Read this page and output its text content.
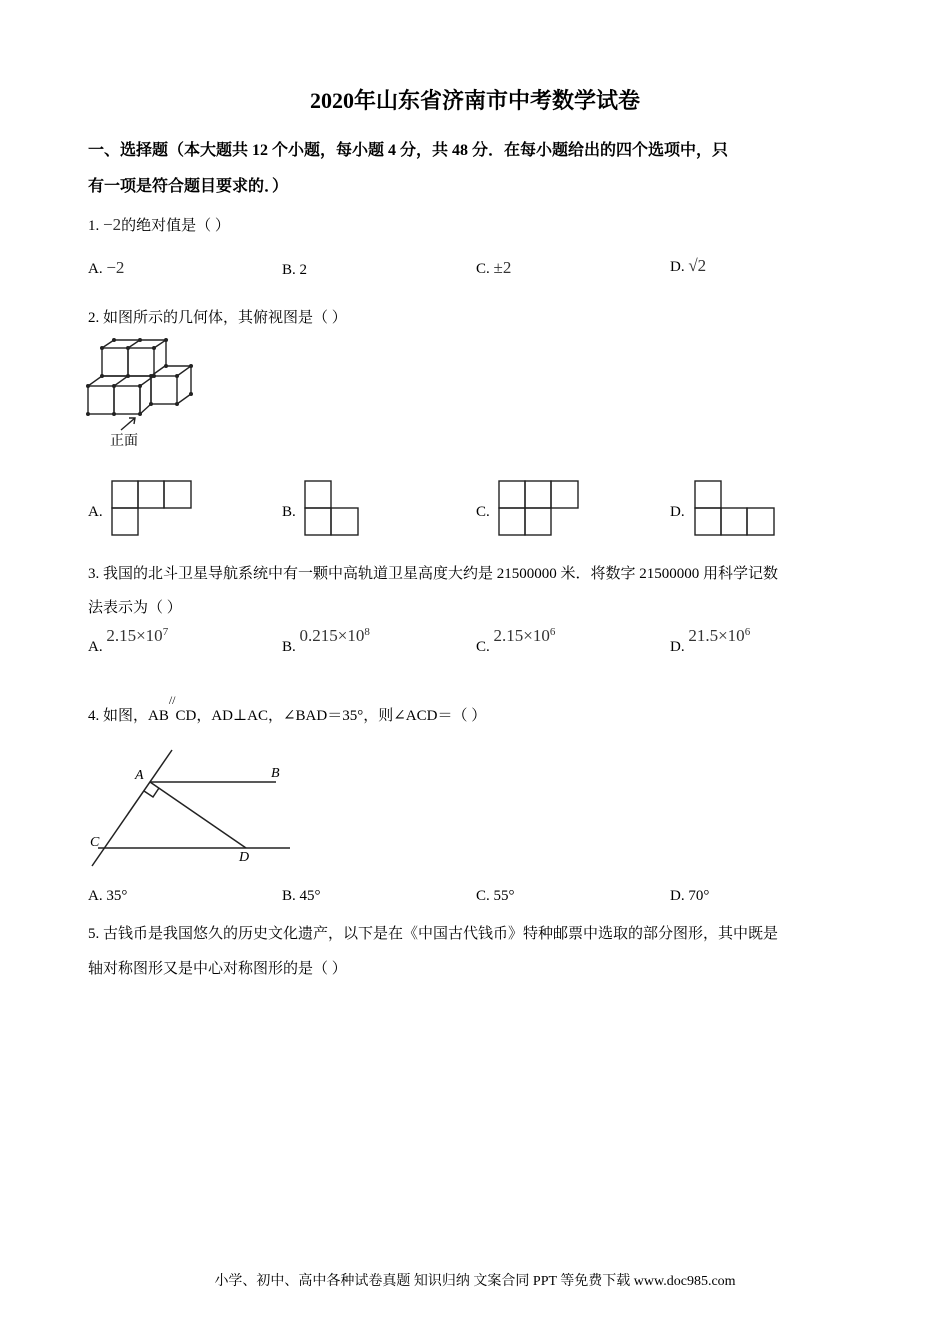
2020年山东省济南市中考数学试卷
一、选择题（本大题共 12 个小题，每小题 4 分，共 48 分．在每小题给出的四个选项中，只
有一项是符合题目要求的．）
1. −2的绝对值是（ ）
A. −2	B. 2	C. ±2	D. √2
2. 如图所示的几何体，其俯视图是（ ）
正面
A.	B.	C.	D.
3. 我国的北斗卫星导航系统中有一颗中高轨道卫星高度大约是 21500000 米．将数字 21500000 用科学记数
法表示为（ ）
A. $2.15\times 10^7$
B. $0.215\times 10^8$
C. $2.15\times 10^6$
D. $21.5\times 10^6$
4. 如图，AB//CD，AD⊥AC，∠BAD＝35°，则∠ACD＝（ ）
A	B
C
D
A. 35°	B. 45°	C. 55°	D. 70°
5. 古钱币是我国悠久的历史文化遗产，以下是在《中国古代钱币》特种邮票中选取的部分图形，其中既是
轴对称图形又是中心对称图形的是（ ）
小学、初中、高中各种试卷真题 知识归纳 文案合同 PPT 等免费下载 www.doc985.com
